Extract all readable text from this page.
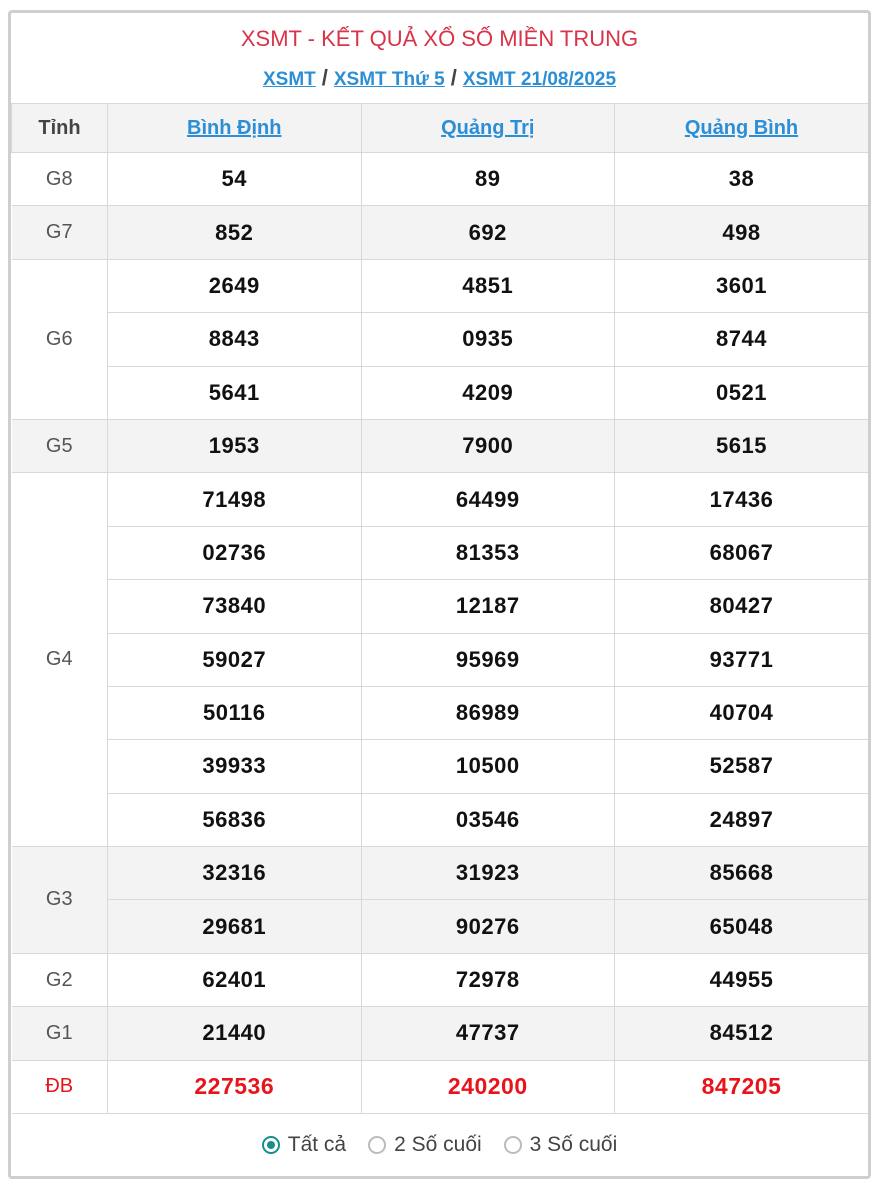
XSMT - KẾT QUẢ XỔ SỐ MIỀN TRUNG
XSMT / XSMT Thứ 5 / XSMT 21/08/2025
Tỉnh	Bình Định	Quảng Trị	Quảng Bình
G8	54	89	38
G7	852	692	498
G6	2649	4851	3601
	8843	0935	8744
	5641	4209	0521
G5	1953	7900	5615
G4	71498	64499	17436
	02736	81353	68067
	73840	12187	80427
	59027	95969	93771
	50116	86989	40704
	39933	10500	52587
	56836	03546	24897
G3	32316	31923	85668
	29681	90276	65048
G2	62401	72978	44955
G1	21440	47737	84512
ĐB	227536	240200	847205
Tất cả 2 Số cuối 3 Số cuối
